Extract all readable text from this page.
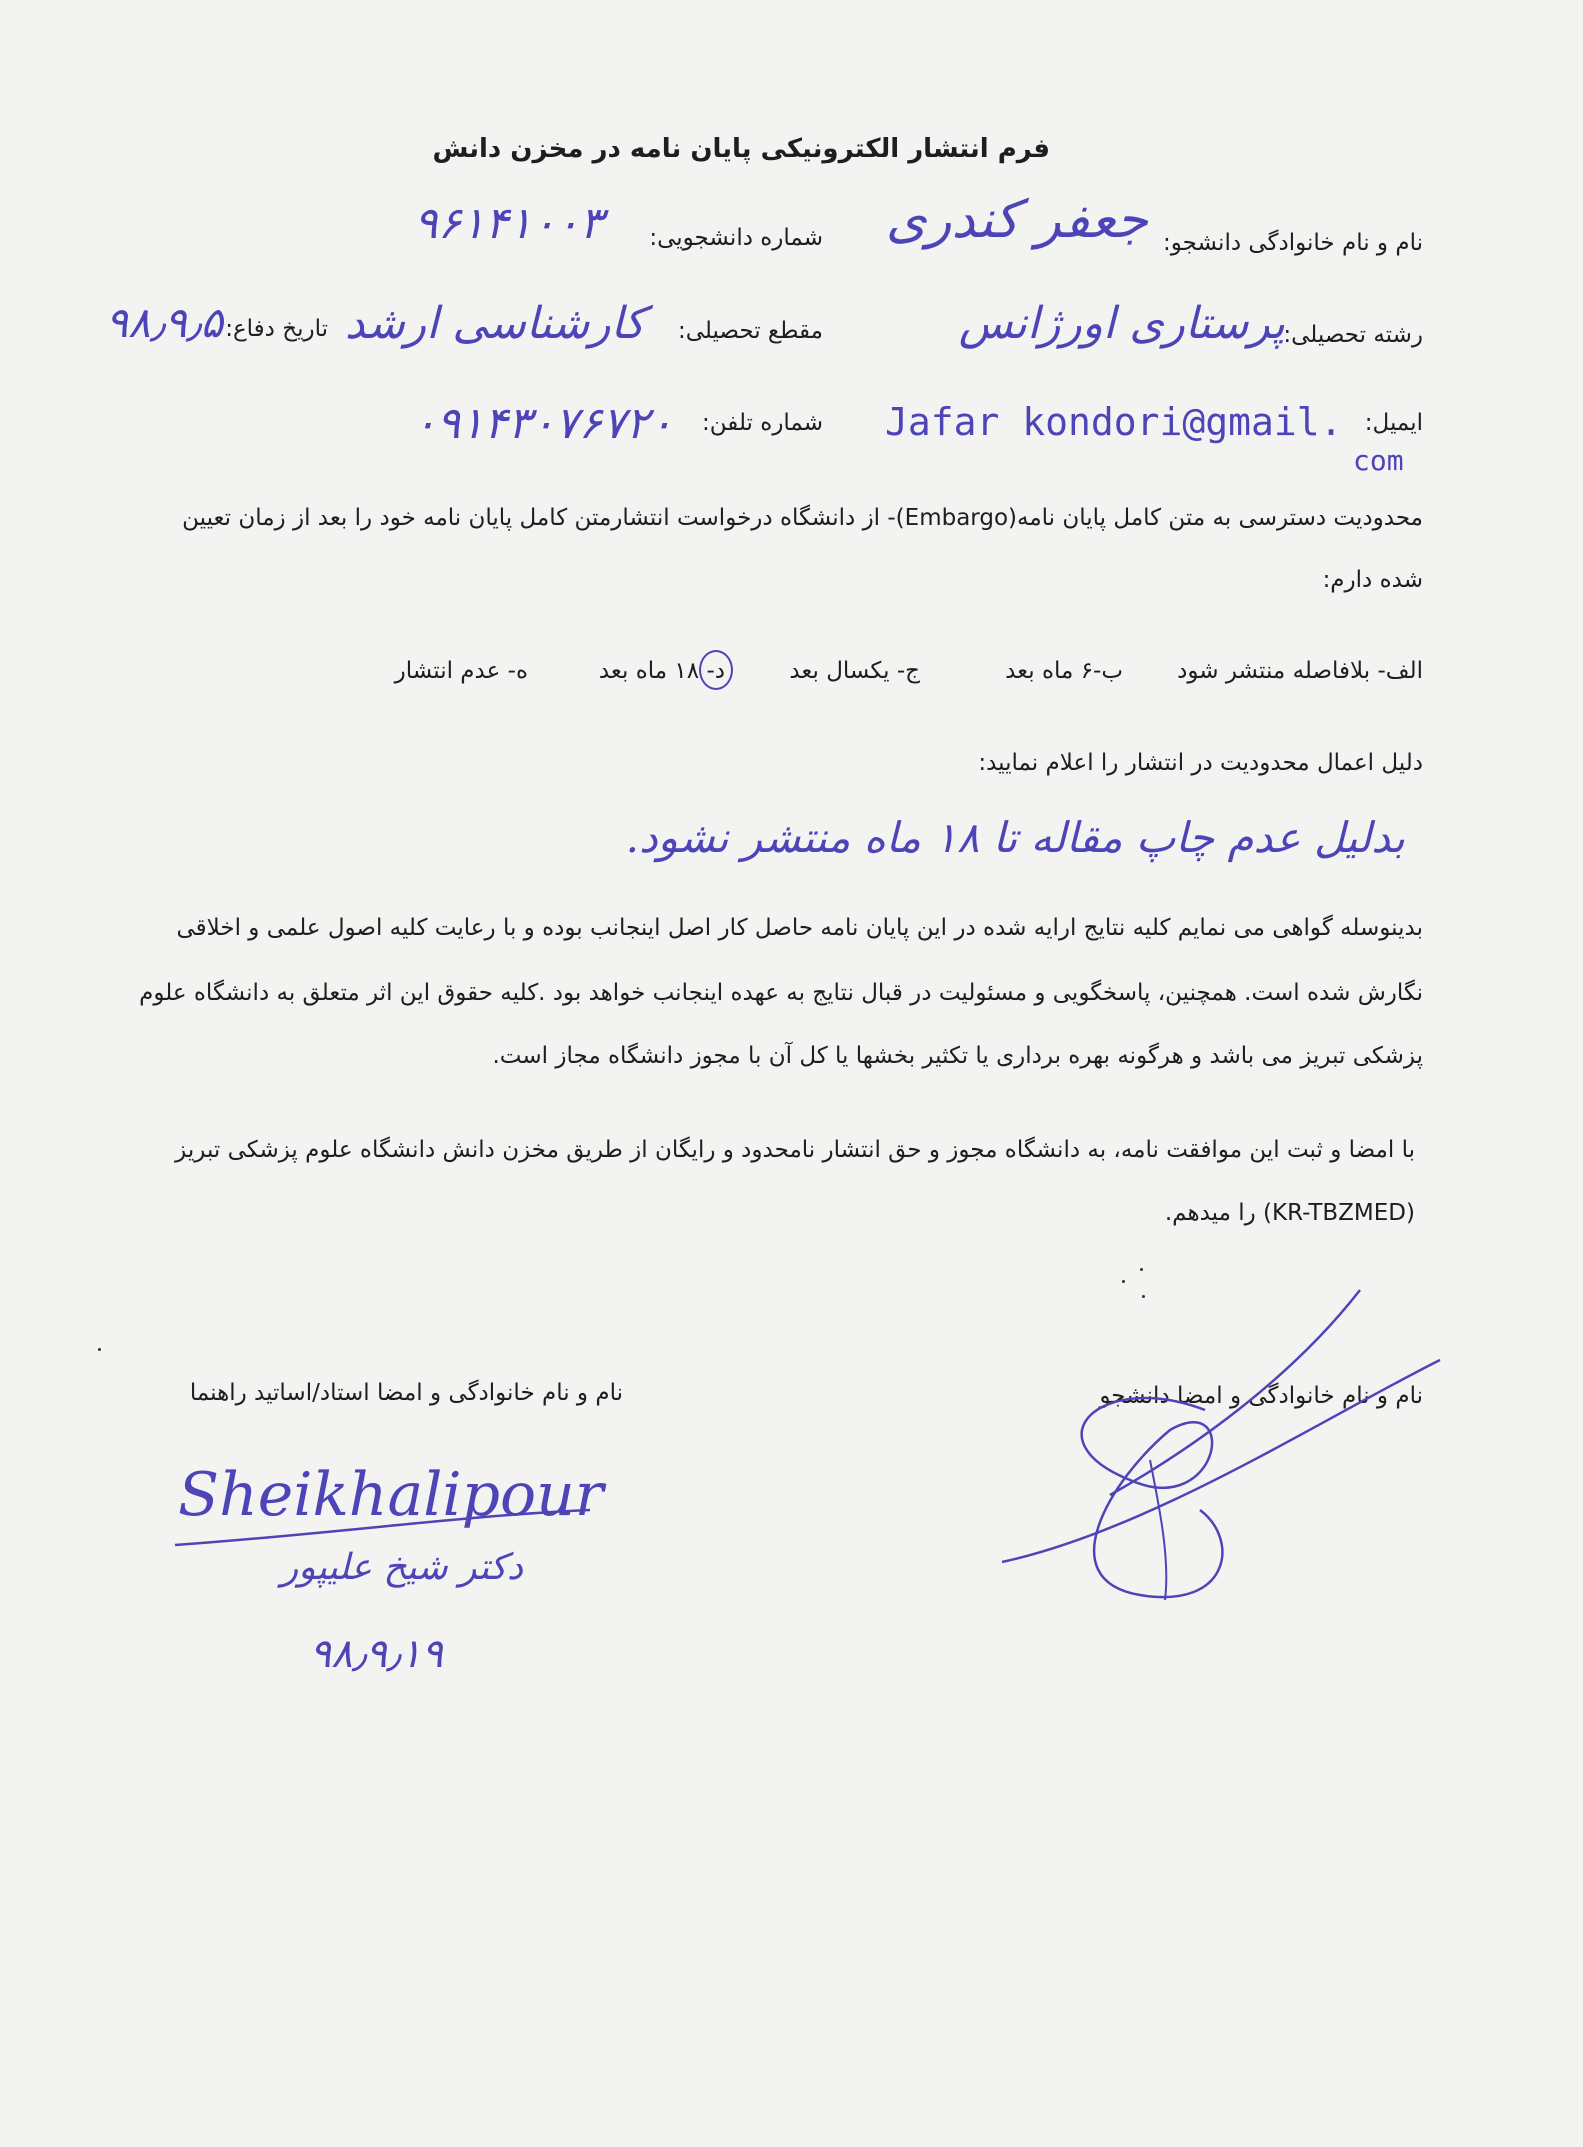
فرم انتشار الکترونیکی پایان نامه در مخزن دانش
نام و نام خانوادگی دانشجو:
جعفر کندری
شماره دانشجویی:
۹۶۱۴۱۰۰۳
رشته تحصیلی:
پرستاری اورژانس
مقطع تحصیلی:
کارشناسی ارشد
تاریخ دفاع:
۹۸٫۹٫۵
ایمیل:
Jafar kondori@gmail.
com
شماره تلفن:
۰۹۱۴۳۰۷۶۷۲۰
محدودیت دسترسی به متن کامل پایان نامه(Embargo)- از دانشگاه درخواست انتشارمتن کامل پایان نامه خود را بعد از زمان تعیین
شده دارم:
الف- بلافاصله منتشر شود
ب-۶ ماه بعد
ج- یکسال بعد
د- ۱۸ ماه بعد
ه- عدم انتشار
دلیل اعمال محدودیت در انتشار را اعلام نمایید:
بدلیل عدم چاپ مقاله تا ۱۸ ماه منتشر نشود.
بدینوسله گواهی می نمایم کلیه نتایج ارایه شده در این پایان نامه حاصل کار اصل اینجانب بوده و با رعایت کلیه اصول علمی و اخلاقی
نگارش شده است. همچنین، پاسخگویی و مسئولیت در قبال نتایج به عهده اینجانب خواهد بود .کلیه حقوق این اثر متعلق به دانشگاه علوم
پزشکی تبریز می باشد و هرگونه بهره برداری یا تکثیر بخشها یا کل آن با مجوز دانشگاه مجاز است.
با امضا و ثبت این موافقت نامه، به دانشگاه مجوز و حق انتشار نامحدود و رایگان از طریق مخزن دانش دانشگاه علوم پزشکی تبریز
(KR-TBZMED) را میدهم.
نام و نام خانوادگی و امضا دانشجو
نام و نام خانوادگی و امضا استاد/اساتید راهنما
Sheikhalipour
دکتر شیخ علیپور
۹۸٫۹٫۱۹
